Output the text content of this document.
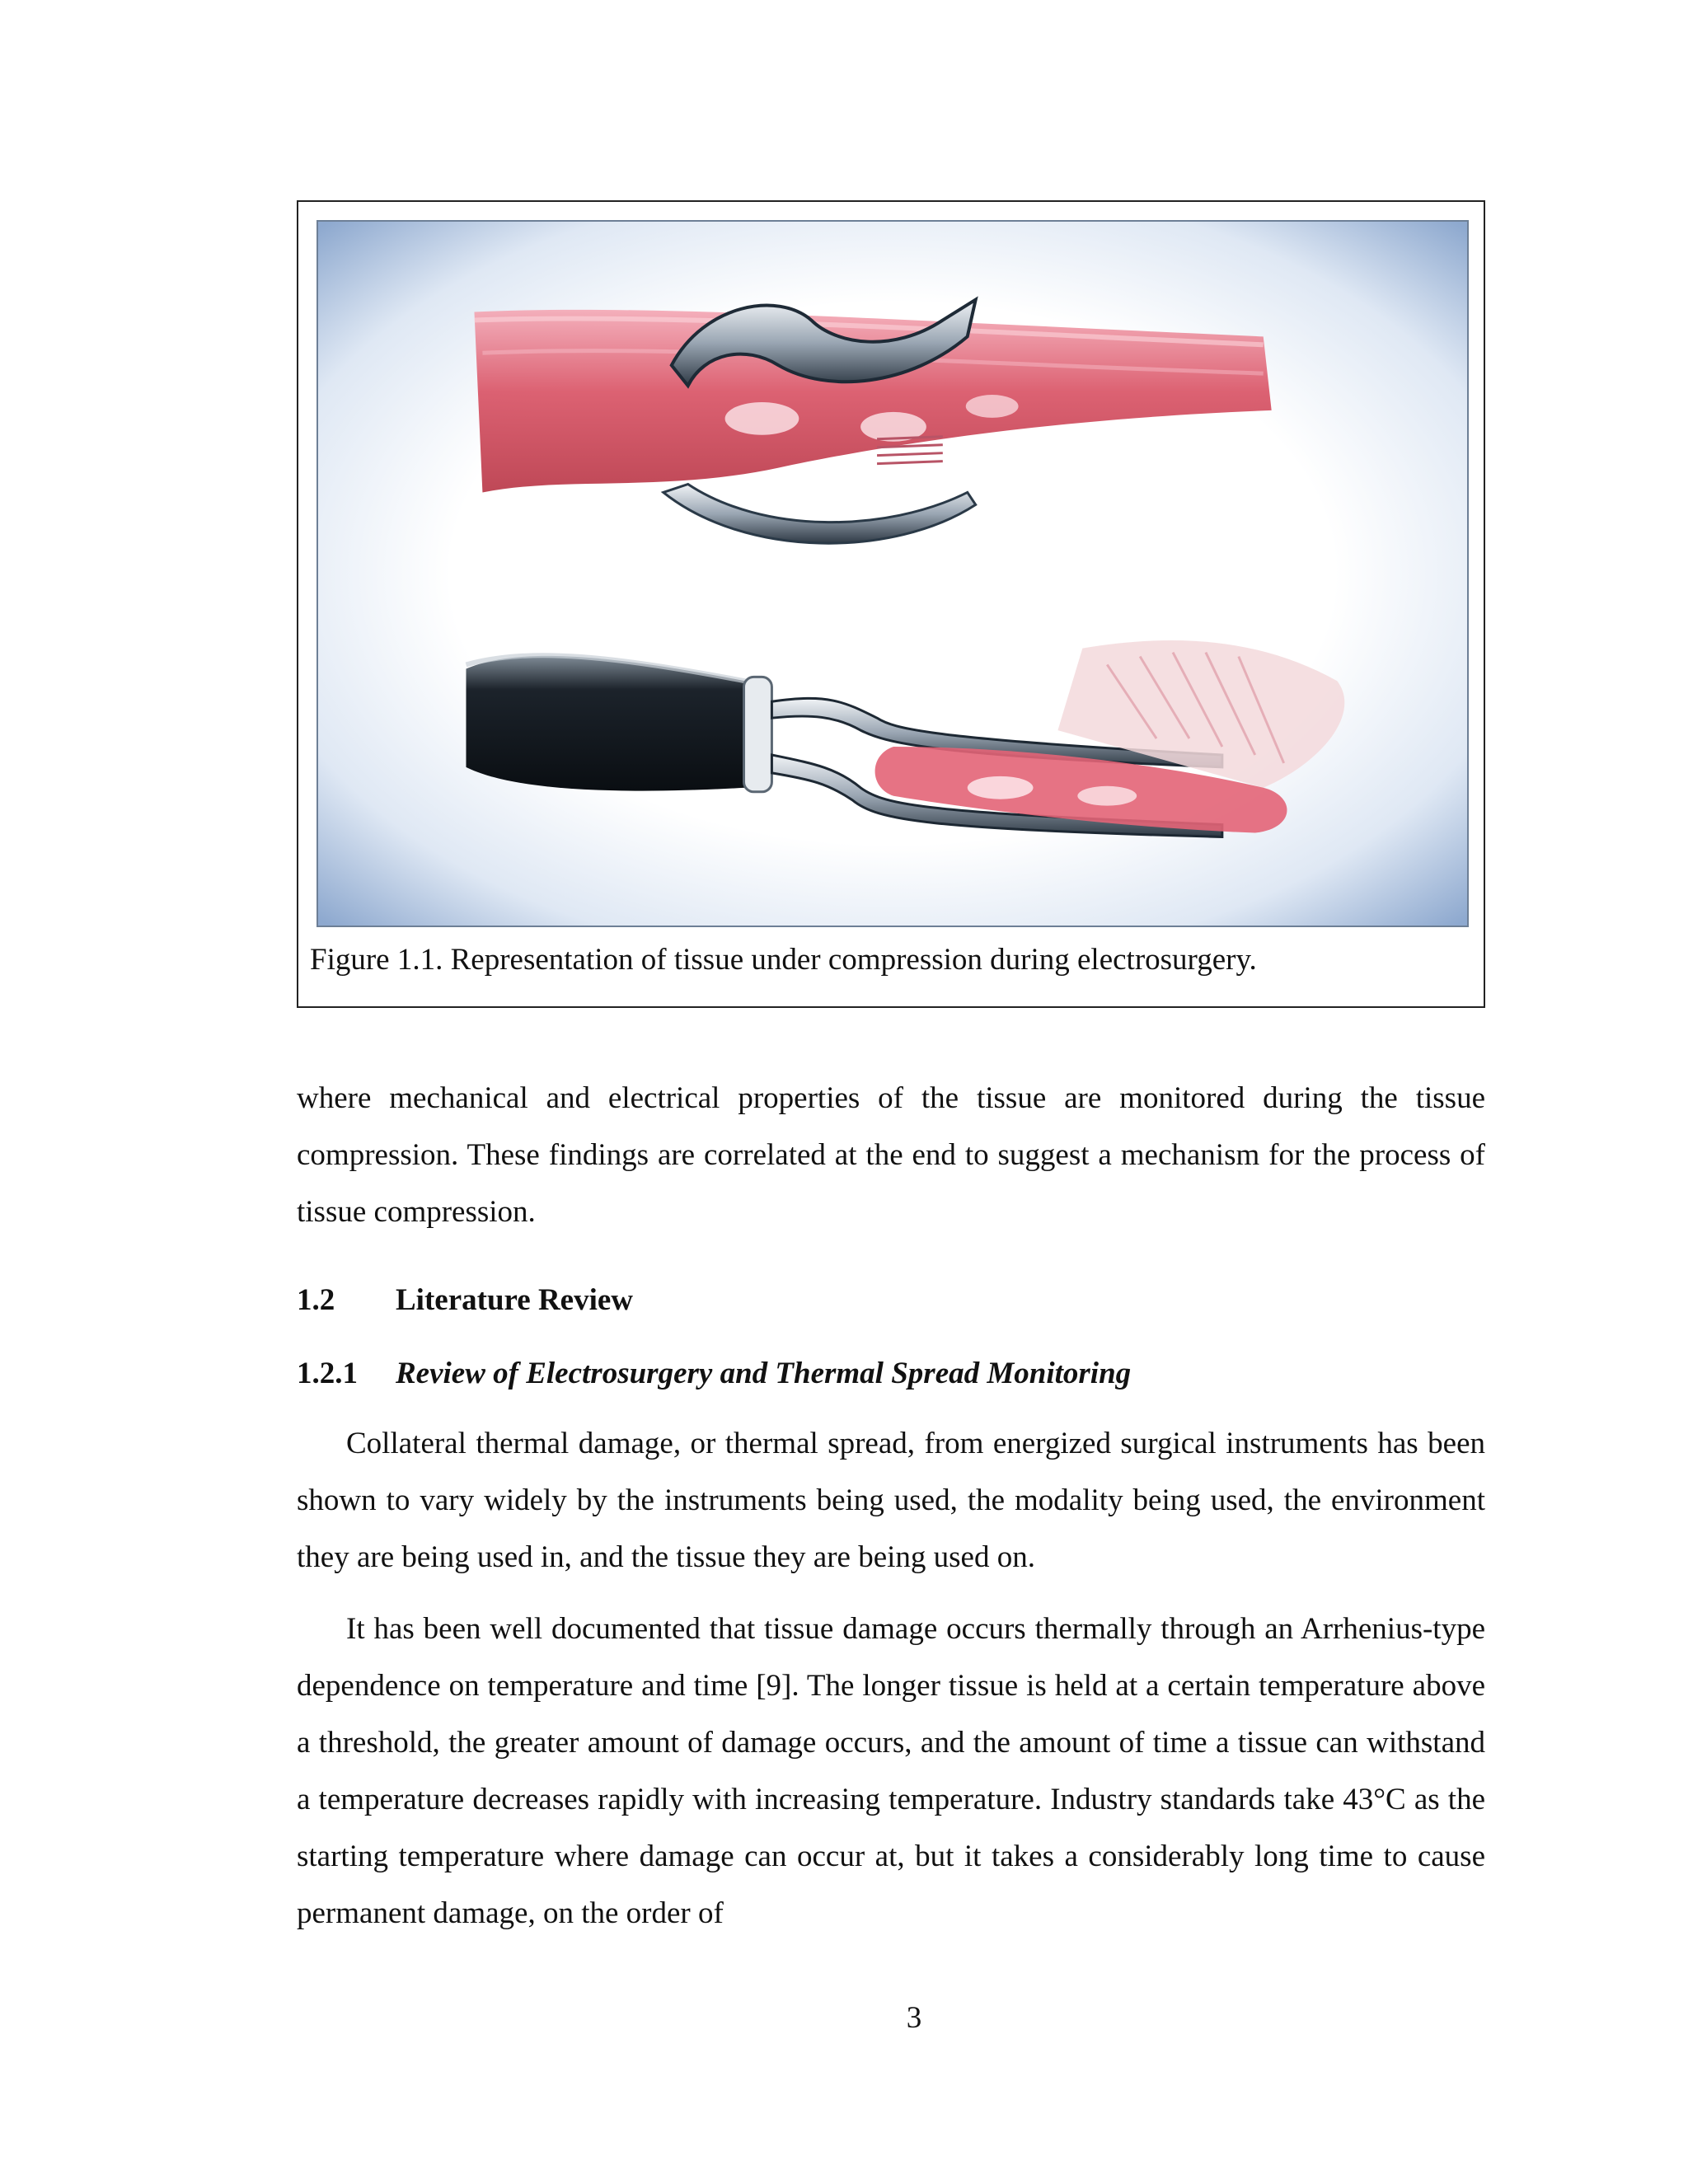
Figure 1.1. Representation of tissue under compression during electrosurgery.

where mechanical and electrical properties of the tissue are monitored during the tissue compression. These findings are correlated at the end to suggest a mechanism for the process of tissue compression.

1.2 Literature Review
1.2.1 Review of Electrosurgery and Thermal Spread Monitoring

Collateral thermal damage, or thermal spread, from energized surgical instruments has been shown to vary widely by the instruments being used, the modality being used, the environment they are being used in, and the tissue they are being used on.

It has been well documented that tissue damage occurs thermally through an Arrhenius-type dependence on temperature and time [9]. The longer tissue is held at a certain temperature above a threshold, the greater amount of damage occurs, and the amount of time a tissue can withstand a temperature decreases rapidly with increasing temperature. Industry standards take 43°C as the starting temperature where damage can occur at, but it takes a considerably long time to cause permanent damage, on the order of

3
